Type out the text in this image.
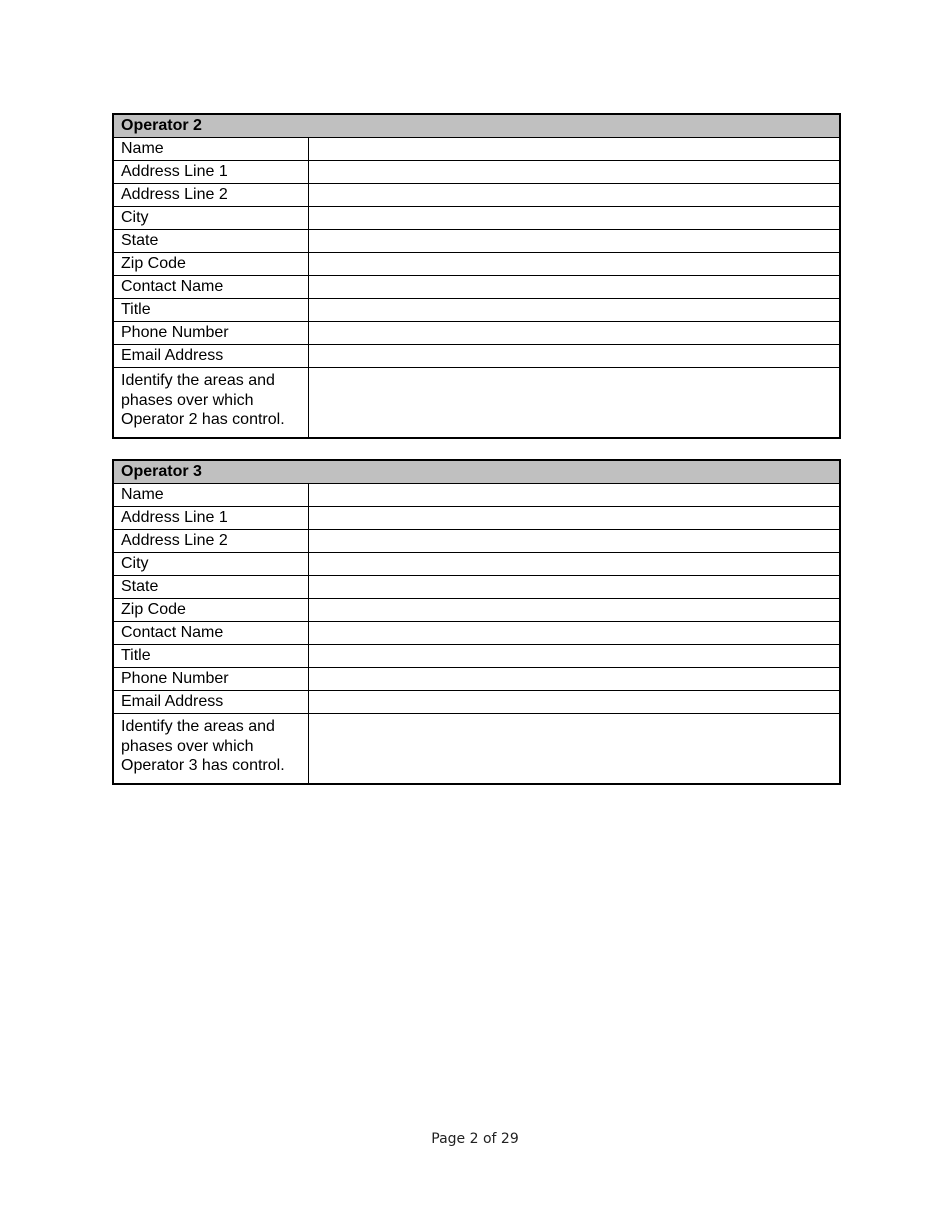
Operator 2	
Name	
Address Line 1	
Address Line 2	
City	
State	
Zip Code	
Contact Name	
Title	
Phone Number	
Email Address	
Identify the areas and
phases over which
Operator 2 has control.	
Operator 3	
Name	
Address Line 1	
Address Line 2	
City	
State	
Zip Code	
Contact Name	
Title	
Phone Number	
Email Address	
Identify the areas and
phases over which
Operator 3 has control.	
Page 2 of 29
